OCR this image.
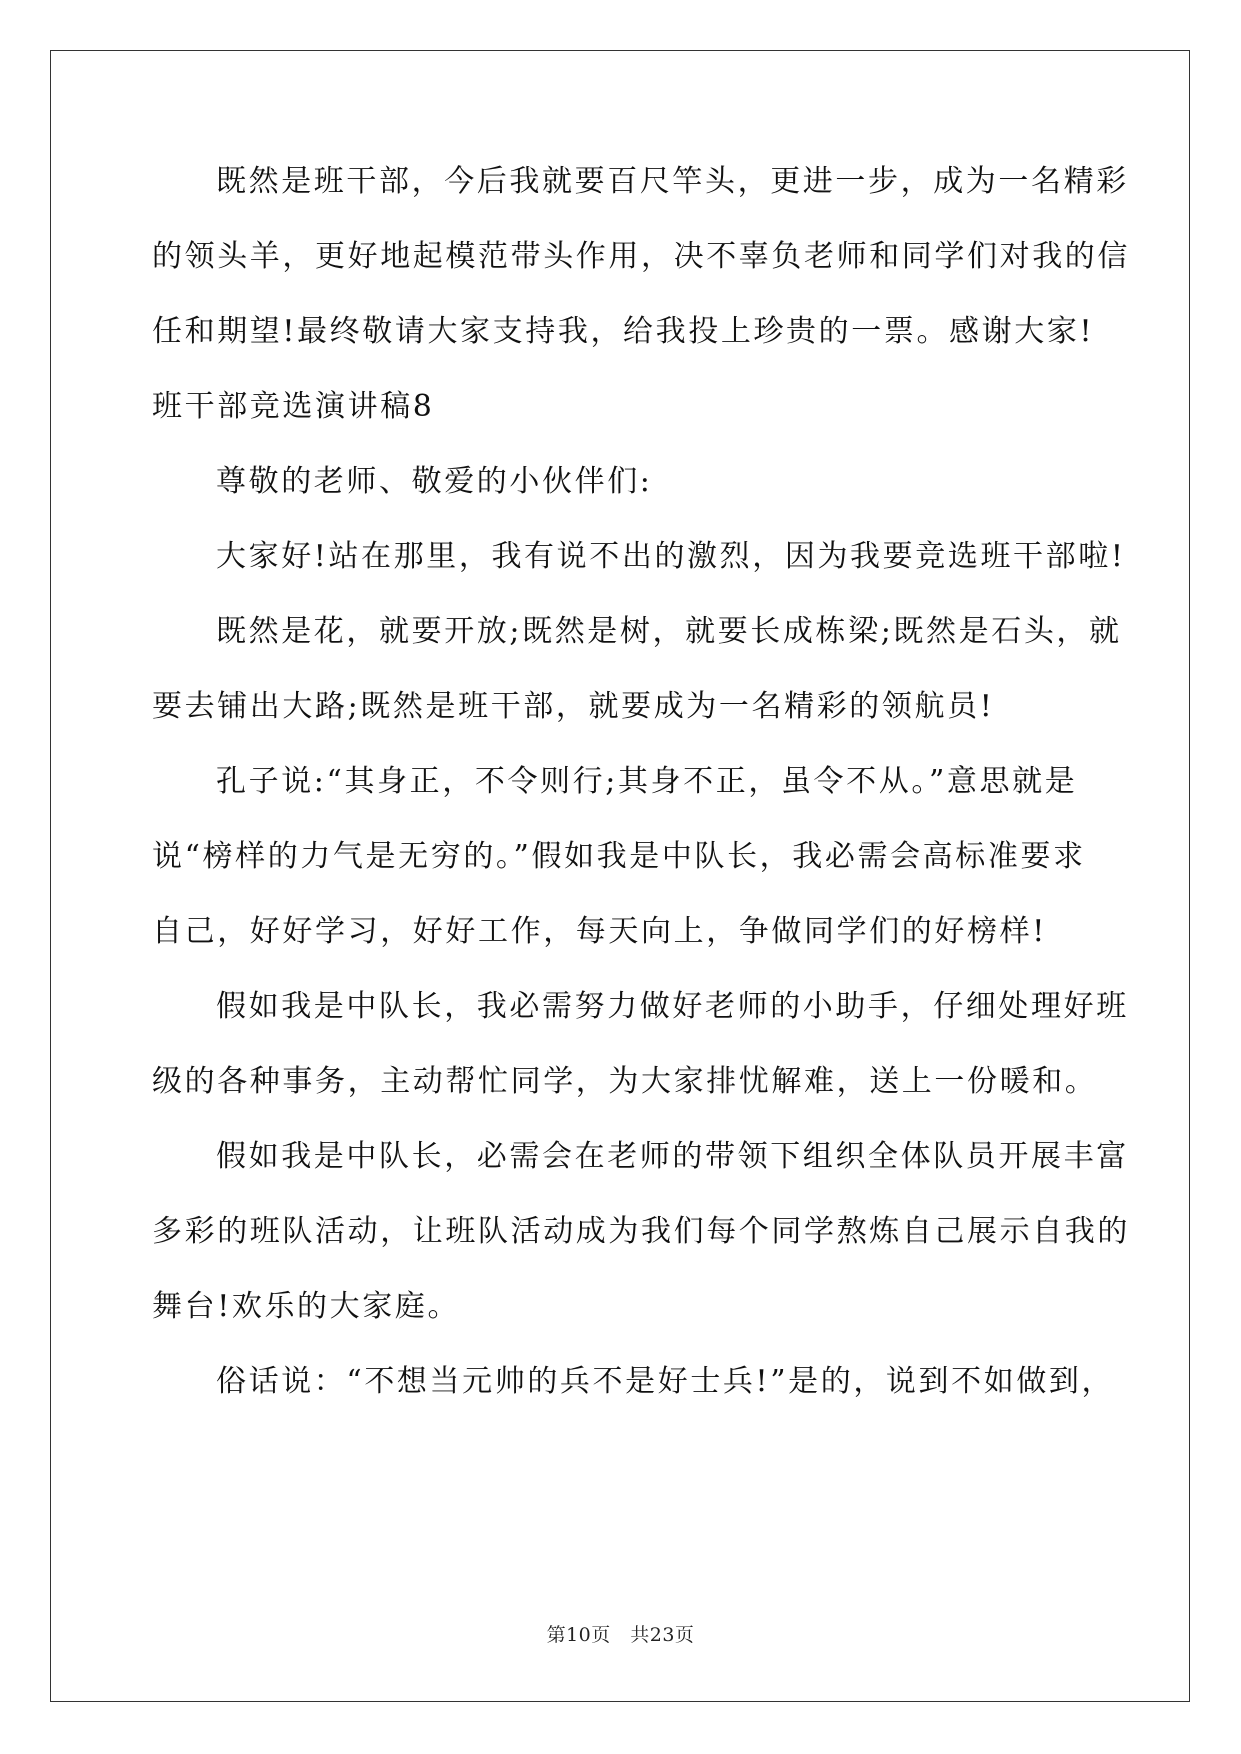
既然是班干部，今后我就要百尺竿头，更进一步，成为一名精彩
的领头羊，更好地起模范带头作用，决不辜负老师和同学们对我的信
任和期望!最终敬请大家支持我，给我投上珍贵的一票。感谢大家!
班干部竞选演讲稿8
尊敬的老师、敬爱的小伙伴们:
大家好!站在那里，我有说不出的激烈，因为我要竞选班干部啦!
既然是花，就要开放;既然是树，就要长成栋梁;既然是石头，就
要去铺出大路;既然是班干部，就要成为一名精彩的领航员!
孔子说:“其身正，不令则行;其身不正，虽令不从。”意思就是
说“榜样的力气是无穷的。”假如我是中队长，我必需会高标准要求
自己，好好学习，好好工作，每天向上，争做同学们的好榜样!
假如我是中队长，我必需努力做好老师的小助手，仔细处理好班
级的各种事务，主动帮忙同学，为大家排忧解难，送上一份暖和。
假如我是中队长，必需会在老师的带领下组织全体队员开展丰富
多彩的班队活动，让班队活动成为我们每个同学熬炼自己展示自我的
舞台!欢乐的大家庭。
俗话说：“不想当元帅的兵不是好士兵!”是的，说到不如做到，
第10页　共23页
